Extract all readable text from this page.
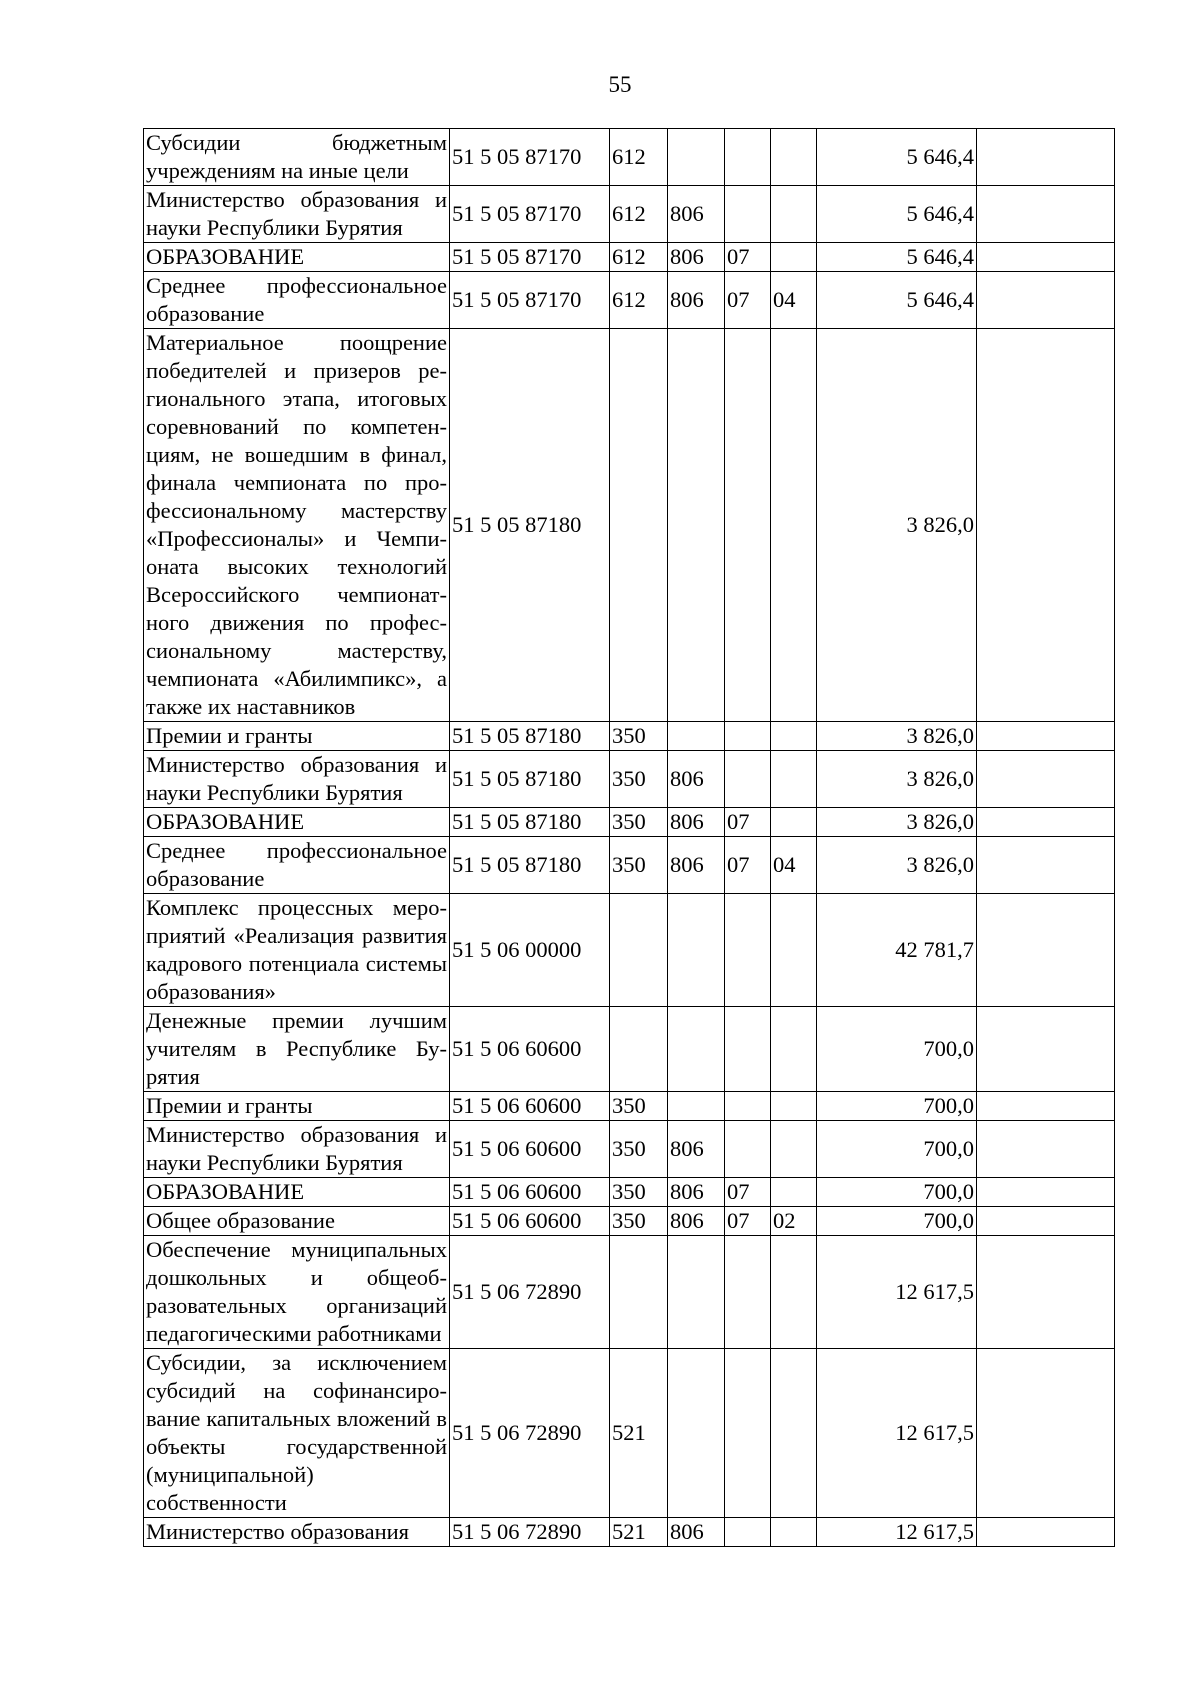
55
Субсидии бюджетным учреждениям на иные цели	51 5 05 87170	612				5 646,4	
Министерство образования и науки Республики Бурятия	51 5 05 87170	612	806			5 646,4	
ОБРАЗОВАНИЕ	51 5 05 87170	612	806	07		5 646,4	
Среднее профессиональное образование	51 5 05 87170	612	806	07	04	5 646,4	
Материальное поощрение победителей и призеров регионального этапа, итоговых соревнований по компетенциям, не вошедшим в финал, финала чемпионата по профессиональному мастерству «Профессионалы» и Чемпионата высоких технологий Всероссийского чемпионатного движения по профессиональному мастерству, чемпионата «Абилимпикс», а также их наставников	51 5 05 87180					3 826,0	
Премии и гранты	51 5 05 87180	350				3 826,0	
Министерство образования и науки Республики Бурятия	51 5 05 87180	350	806			3 826,0	
ОБРАЗОВАНИЕ	51 5 05 87180	350	806	07		3 826,0	
Среднее профессиональное образование	51 5 05 87180	350	806	07	04	3 826,0	
Комплекс процессных мероприятий «Реализация развития кадрового потенциала системы образования»	51 5 06 00000					42 781,7	
Денежные премии лучшим учителям в Республике Бурятия	51 5 06 60600					700,0	
Премии и гранты	51 5 06 60600	350				700,0	
Министерство образования и науки Республики Бурятия	51 5 06 60600	350	806			700,0	
ОБРАЗОВАНИЕ	51 5 06 60600	350	806	07		700,0	
Общее образование	51 5 06 60600	350	806	07	02	700,0	
Обеспечение муниципальных дошкольных и общеобразовательных организаций педагогическими работниками	51 5 06 72890					12 617,5	
Субсидии, за исключением субсидий на софинансирование капитальных вложений в объекты государственной (муниципальной) собственности	51 5 06 72890	521				12 617,5	
Министерство образования	51 5 06 72890	521	806			12 617,5	
